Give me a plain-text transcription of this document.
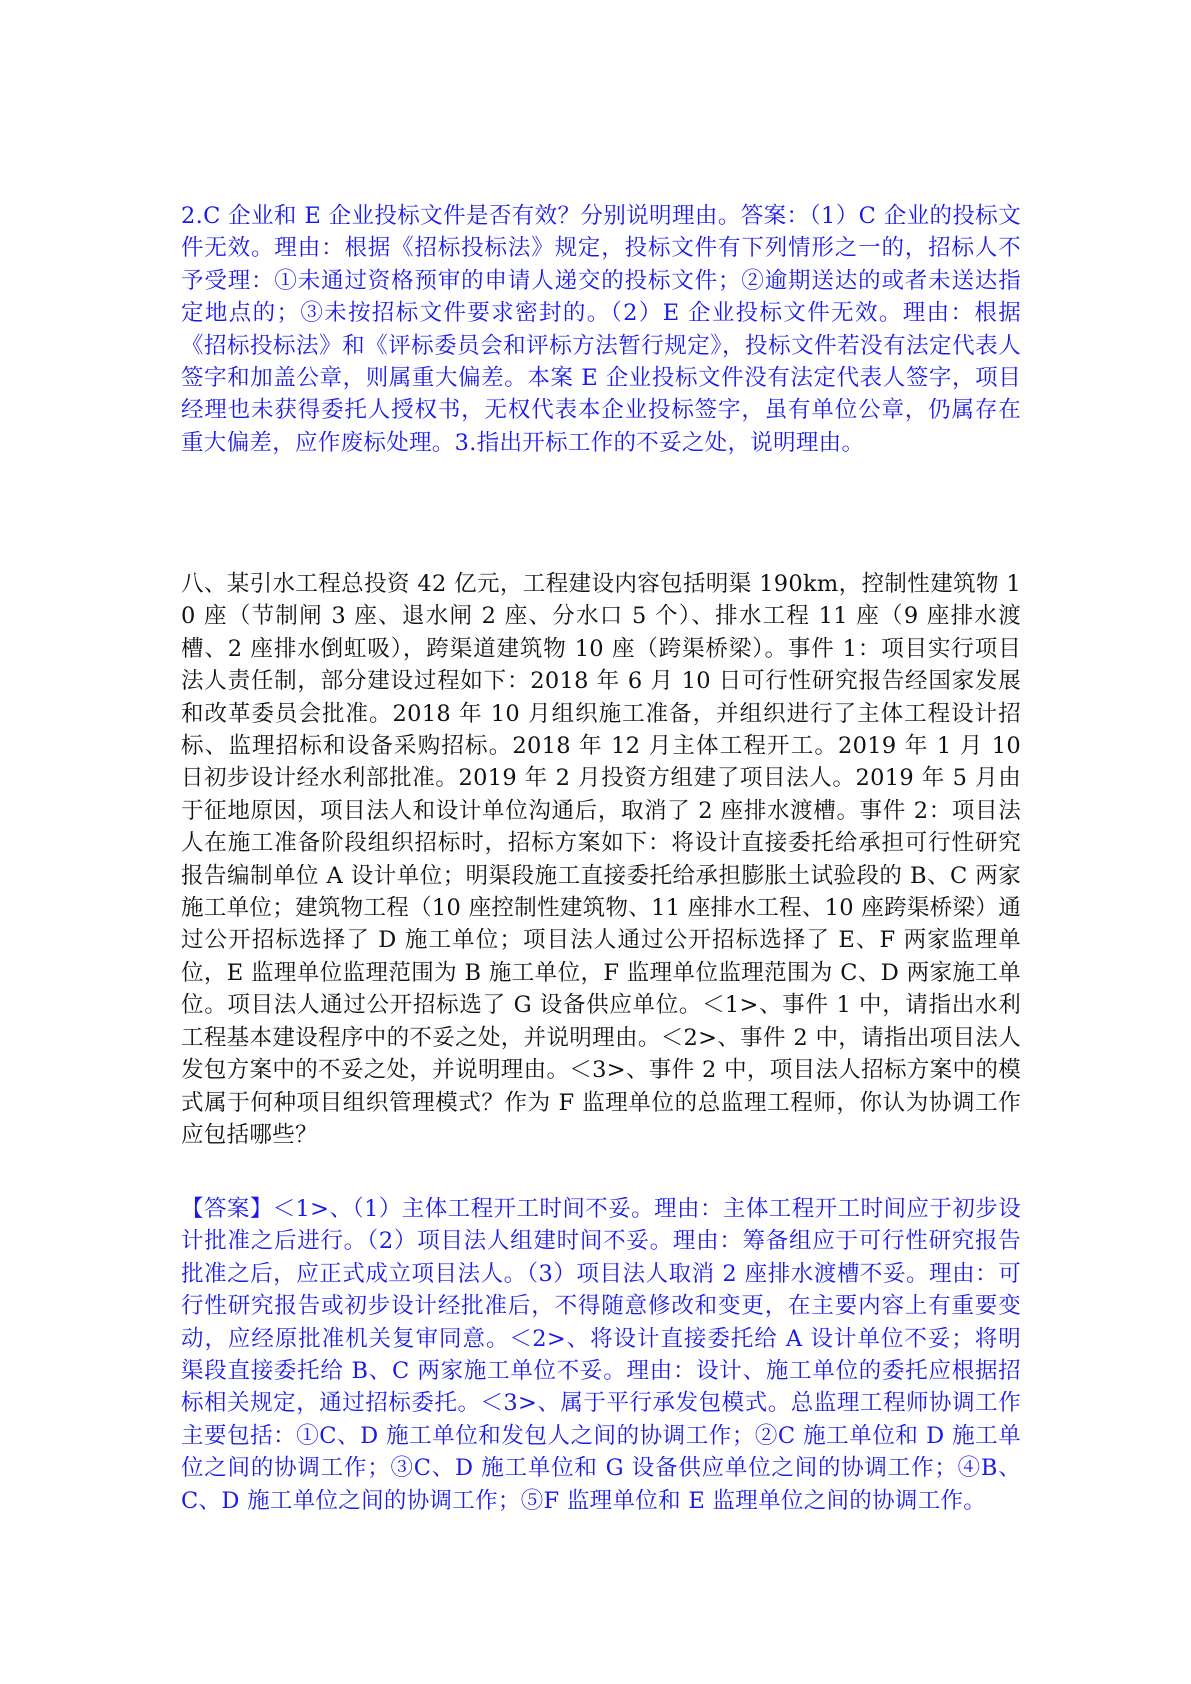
2.C 企业和 E 企业投标文件是否有效？分别说明理由。答案：（1）C 企业的投标文件无效。理由：根据《招标投标法》规定，投标文件有下列情形之一的，招标人不予受理：①未通过资格预审的申请人递交的投标文件；②逾期送达的或者未送达指定地点的；③未按招标文件要求密封的。（2）E 企业投标文件无效。理由：根据《招标投标法》和《评标委员会和评标方法暂行规定》，投标文件若没有法定代表人签字和加盖公章，则属重大偏差。本案 E 企业投标文件没有法定代表人签字，项目经理也未获得委托人授权书，无权代表本企业投标签字，虽有单位公章，仍属存在重大偏差，应作废标处理。3.指出开标工作的不妥之处，说明理由。

八、某引水工程总投资 42 亿元，工程建设内容包括明渠 190km，控制性建筑物 10 座（节制闸 3 座、退水闸 2 座、分水口 5 个）、排水工程 11 座（9 座排水渡槽、2 座排水倒虹吸），跨渠道建筑物 10 座（跨渠桥梁）。事件 1：项目实行项目法人责任制，部分建设过程如下：2018 年 6 月 10 日可行性研究报告经国家发展和改革委员会批准。2018 年 10 月组织施工准备，并组织进行了主体工程设计招标、监理招标和设备采购招标。2018 年 12 月主体工程开工。2019 年 1 月 10 日初步设计经水利部批准。2019 年 2 月投资方组建了项目法人。2019 年 5 月由于征地原因，项目法人和设计单位沟通后，取消了 2 座排水渡槽。事件 2：项目法人在施工准备阶段组织招标时，招标方案如下：将设计直接委托给承担可行性研究报告编制单位 A 设计单位；明渠段施工直接委托给承担膨胀土试验段的 B、C 两家施工单位；建筑物工程（10 座控制性建筑物、11 座排水工程、10 座跨渠桥梁）通过公开招标选择了 D 施工单位；项目法人通过公开招标选择了 E、F 两家监理单位，E 监理单位监理范围为 B 施工单位，F 监理单位监理范围为 C、D 两家施工单位。项目法人通过公开招标选了 G 设备供应单位。＜1>、事件 1 中，请指出水利工程基本建设程序中的不妥之处，并说明理由。＜2>、事件 2 中，请指出项目法人发包方案中的不妥之处，并说明理由。＜3>、事件 2 中，项目法人招标方案中的模式属于何种项目组织管理模式？作为 F 监理单位的总监理工程师，你认为协调工作应包括哪些？

【答案】＜1>、（1）主体工程开工时间不妥。理由：主体工程开工时间应于初步设计批准之后进行。（2）项目法人组建时间不妥。理由：筹备组应于可行性研究报告批准之后，应正式成立项目法人。（3）项目法人取消 2 座排水渡槽不妥。理由：可行性研究报告或初步设计经批准后，不得随意修改和变更，在主要内容上有重要变动，应经原批准机关复审同意。＜2>、将设计直接委托给 A 设计单位不妥；将明渠段直接委托给 B、C 两家施工单位不妥。理由：设计、施工单位的委托应根据招标相关规定，通过招标委托。＜3>、属于平行承发包模式。总监理工程师协调工作主要包括：①C、D 施工单位和发包人之间的协调工作；②C 施工单位和 D 施工单位之间的协调工作；③C、D 施工单位和 G 设备供应单位之间的协调工作；④B、C、D 施工单位之间的协调工作；⑤F 监理单位和 E 监理单位之间的协调工作。
